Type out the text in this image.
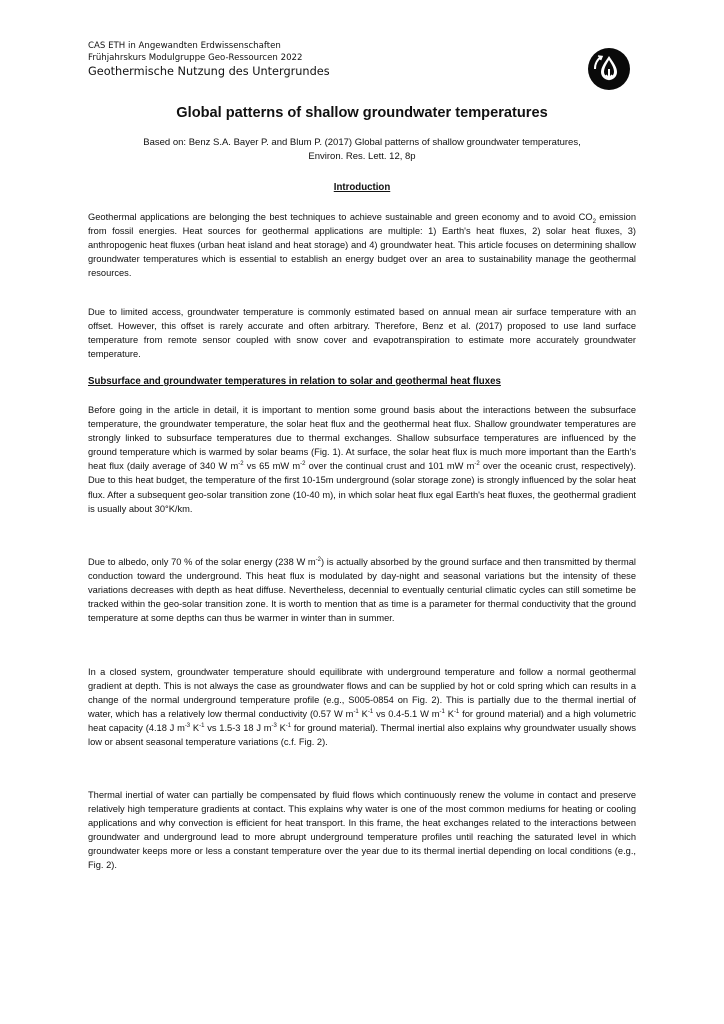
CAS ETH in Angewandten Erdwissenschaften
Frühjahrskurs Modulgruppe Geo-Ressourcen 2022
Geothermische Nutzung des Untergrundes
Global patterns of shallow groundwater temperatures
Based on: Benz S.A. Bayer P. and Blum P. (2017) Global patterns of shallow groundwater temperatures,
Environ. Res. Lett. 12, 8p
Introduction

Geothermal applications are belonging the best techniques to achieve sustainable and green economy and to avoid $CO_2$ emission from fossil energies. Heat sources for geothermal applications are multiple: 1) Earth's heat fluxes, 2) solar heat fluxes, 3) anthropogenic heat fluxes (urban heat island and heat storage) and 4) groundwater heat. This article focuses on determining shallow groundwater temperatures which is essential to establish an energy budget over an area to sustainability manage the geothermal resources.

Due to limited access, groundwater temperature is commonly estimated based on annual mean air surface temperature with an offset. However, this offset is rarely accurate and often arbitrary. Therefore, Benz et al. (2017) proposed to use land surface temperature from remote sensor coupled with snow cover and evapotranspiration to estimate more accurately groundwater temperature.

Subsurface and groundwater temperatures in relation to solar and geothermal heat fluxes

Before going in the article in detail, it is important to mention some ground basis about the interactions between the subsurface temperature, the groundwater temperature, the solar heat flux and the geothermal heat flux. Shallow groundwater temperatures are strongly linked to subsurface temperatures due to thermal exchanges. Shallow subsurface temperatures are influenced by the ground temperature which is warmed by solar beams (Fig. 1). At surface, the solar heat flux is much more important than the Earth's heat flux (daily average of 340 W $m^{-2}$ vs 65 mW $m^{-2}$ over the continual crust and 101 mW $m^{-2}$ over the oceanic crust, respectively). Due to this heat budget, the temperature of the first 10-15m underground (solar storage zone) is strongly influenced by the solar heat flux. After a subsequent geo-solar transition zone (10-40 m), in which solar heat flux egal Earth's heat fluxes, the geothermal gradient is usually about 30°K/km.

Due to albedo, only 70 % of the solar energy (238 W $m^{-2}$) is actually absorbed by the ground surface and then transmitted by thermal conduction toward the underground. This heat flux is modulated by day-night and seasonal variations but the intensity of these variations decreases with depth as heat diffuse. Nevertheless, decennial to eventually centurial climatic cycles can still sometime be tracked within the geo-solar transition zone. It is worth to mention that as time is a parameter for thermal conductivity that the ground temperature at some depths can thus be warmer in winter than in summer.

In a closed system, groundwater temperature should equilibrate with underground temperature and follow a normal geothermal gradient at depth. This is not always the case as groundwater flows and can be supplied by hot or cold spring which can results in a change of the normal underground temperature profile (e.g., S005-0854 on Fig. 2). This is partially due to the thermal inertial of water, which has a relatively low thermal conductivity (0.57 W $m^{-1}$ $K^{-1}$ vs 0.4-5.1 W $m^{-1}$ $K^{-1}$ for ground material) and a high volumetric heat capacity (4.18 J $m^{-3}$ $K^{-1}$ vs 1.5-3 18 J $m^{-3}$ $K^{-1}$ for ground material). Thermal inertial also explains why groundwater usually shows low or absent seasonal temperature variations (c.f. Fig. 2).

Thermal inertial of water can partially be compensated by fluid flows which continuously renew the volume in contact and preserve relatively high temperature gradients at contact. This explains why water is one of the most common mediums for heating or cooling applications and why convection is efficient for heat transport. In this frame, the heat exchanges related to the interactions between groundwater and underground lead to more abrupt underground temperature profiles until reaching the saturated level in which groundwater keeps more or less a constant temperature over the year due to its thermal inertial depending on local conditions (e.g., Fig. 2).
